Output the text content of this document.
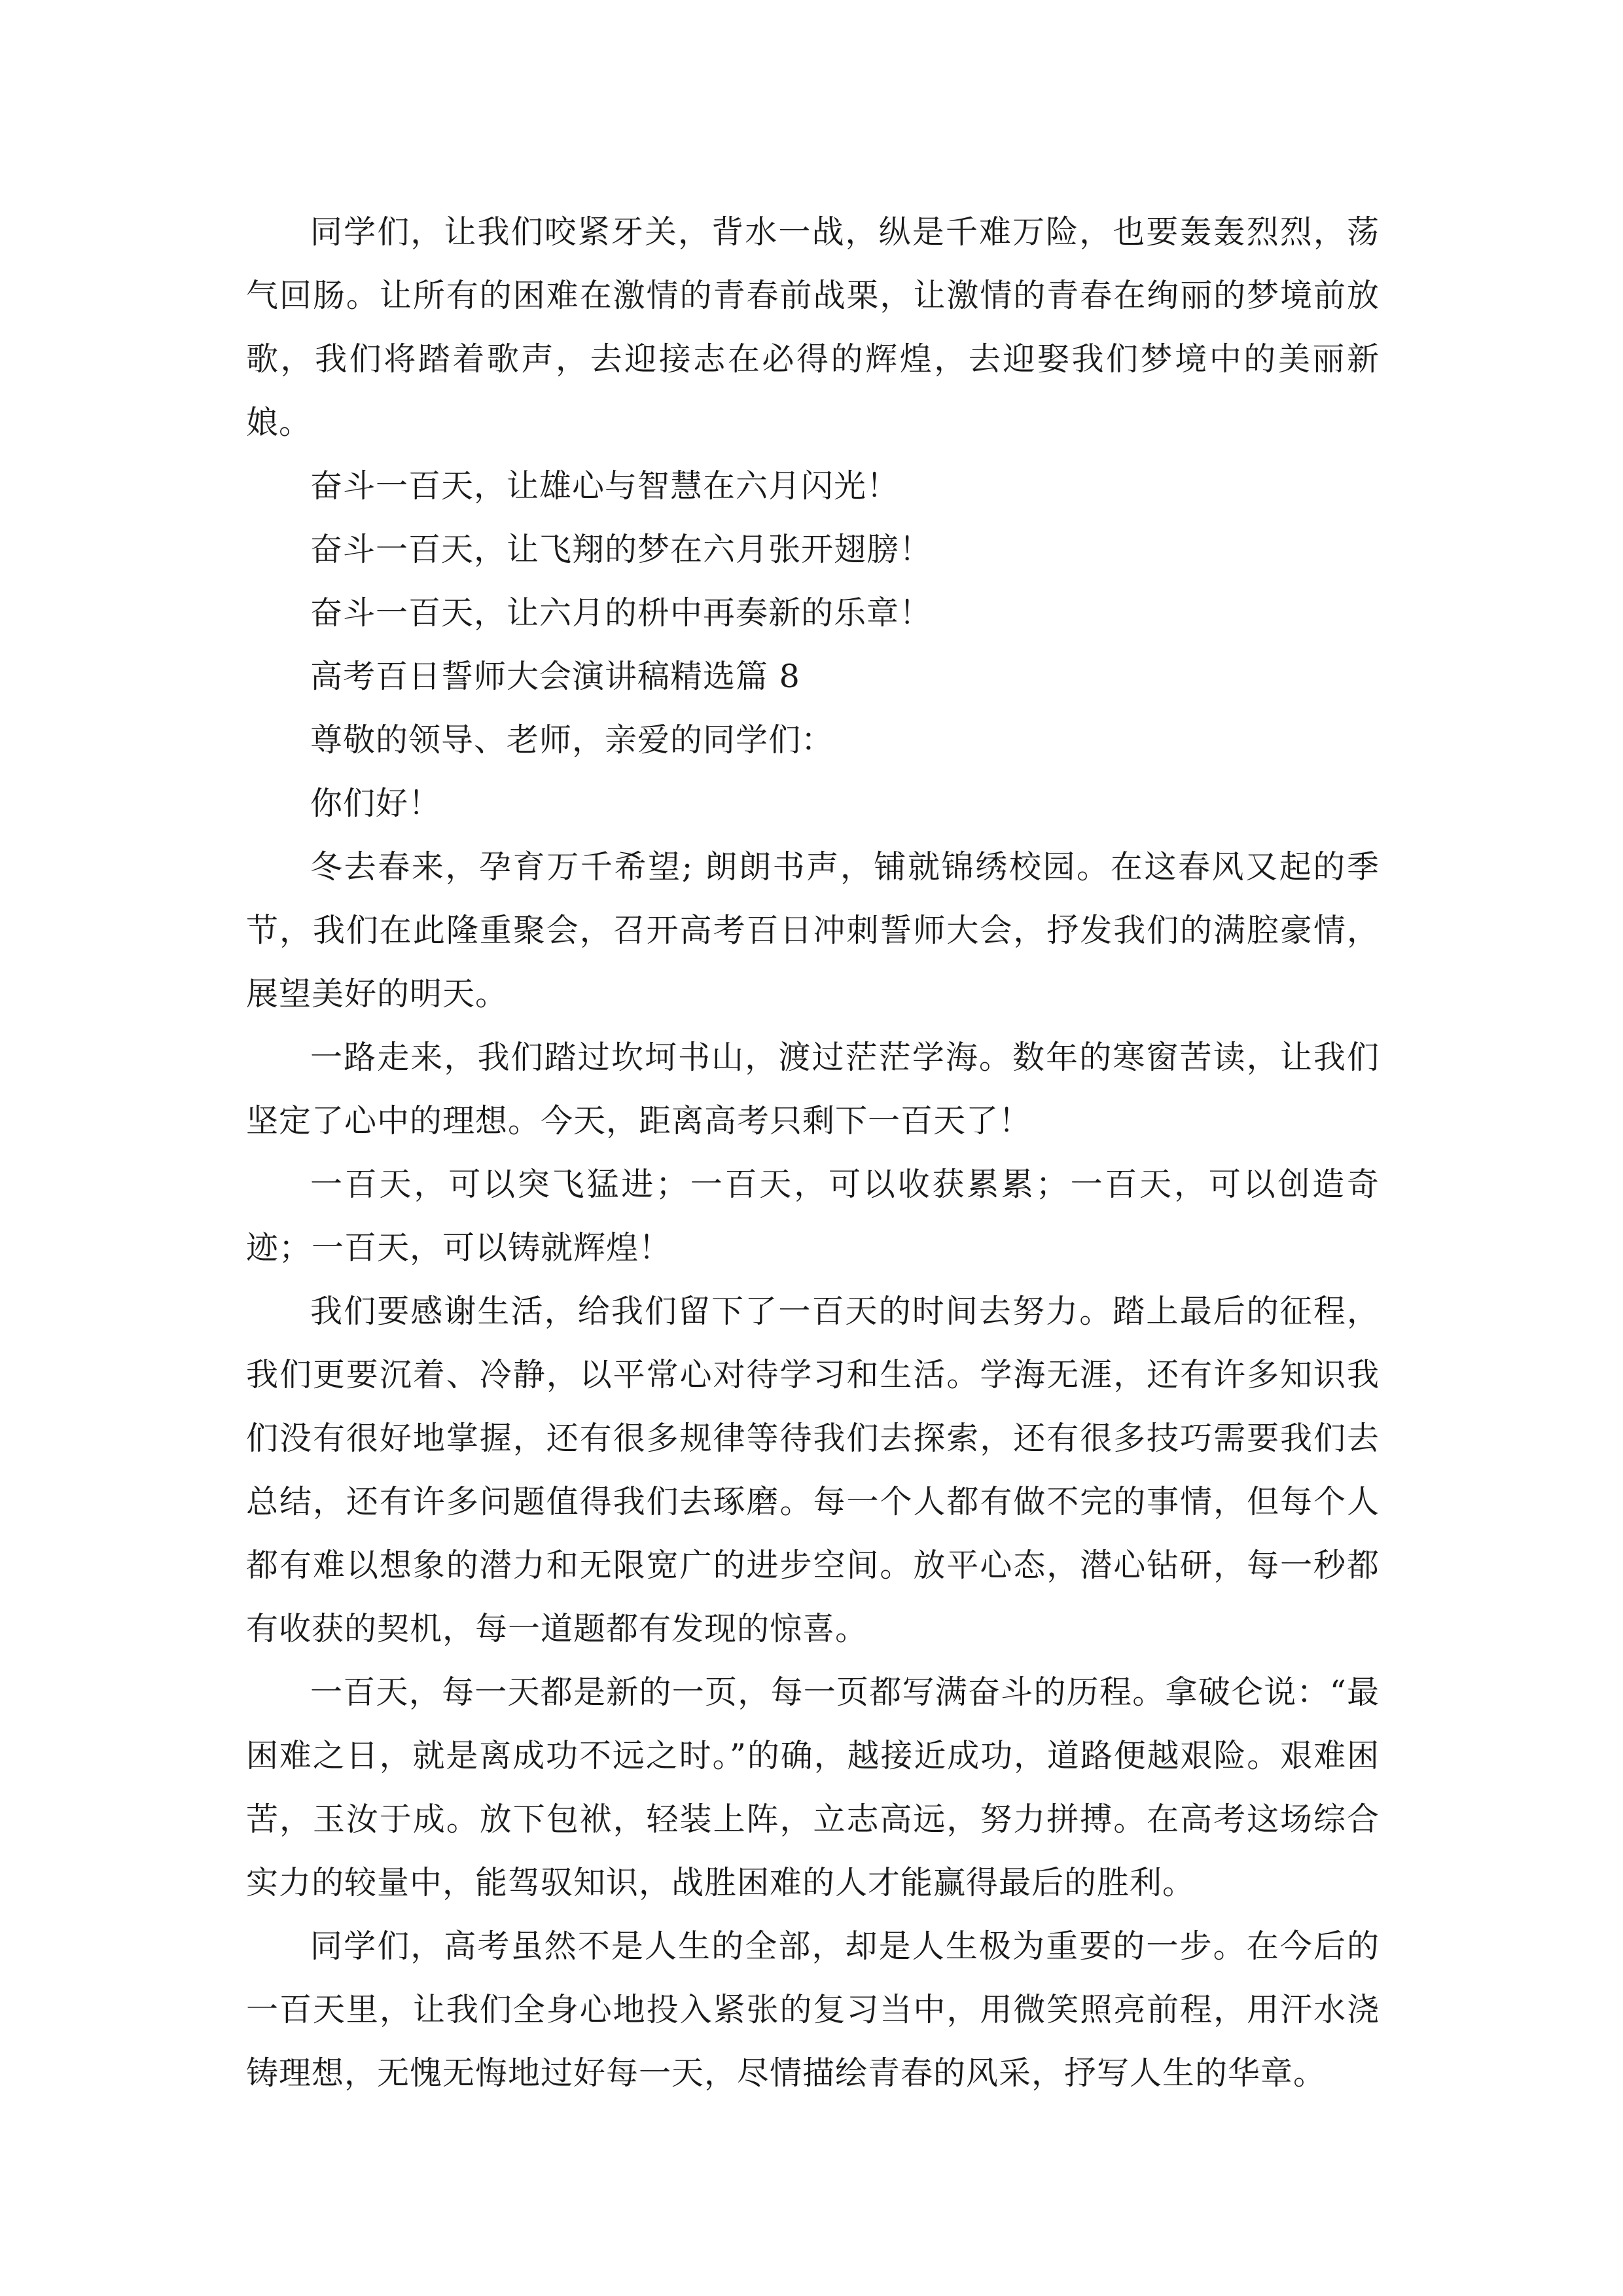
同学们，让我们咬紧牙关，背水一战，纵是千难万险，也要轰轰烈烈，荡气回肠。让所有的困难在激情的青春前战栗，让激情的青春在绚丽的梦境前放歌，我们将踏着歌声，去迎接志在必得的辉煌，去迎娶我们梦境中的美丽新娘。

奋斗一百天，让雄心与智慧在六月闪光！

奋斗一百天，让飞翔的梦在六月张开翅膀！

奋斗一百天，让六月的枡中再奏新的乐章！

高考百日誓师大会演讲稿精选篇 8

尊敬的领导、老师，亲爱的同学们：

你们好！

冬去春来，孕育万千希望; 朗朗书声，铺就锦绣校园。在这春风又起的季节，我们在此隆重聚会，召开高考百日冲刺誓师大会，抒发我们的满腔豪情，展望美好的明天。

一路走来，我们踏过坎坷书山，渡过茫茫学海。数年的寒窗苦读，让我们坚定了心中的理想。今天，距离高考只剩下一百天了！

一百天，可以突飞猛进；一百天，可以收获累累；一百天，可以创造奇迹；一百天，可以铸就辉煌！

我们要感谢生活，给我们留下了一百天的时间去努力。踏上最后的征程，我们更要沉着、冷静，以平常心对待学习和生活。学海无涯，还有许多知识我们没有很好地掌握，还有很多规律等待我们去探索，还有很多技巧需要我们去总结，还有许多问题值得我们去琢磨。每一个人都有做不完的事情，但每个人都有难以想象的潜力和无限宽广的进步空间。放平心态，潜心钻研，每一秒都有收获的契机，每一道题都有发现的惊喜。

一百天，每一天都是新的一页，每一页都写满奋斗的历程。拿破仑说：“最困难之日，就是离成功不远之时。”的确，越接近成功，道路便越艰险。艰难困苦，玉汝于成。放下包袱，轻装上阵，立志高远，努力拼搏。在高考这场综合实力的较量中，能驾驭知识，战胜困难的人才能赢得最后的胜利。

同学们，高考虽然不是人生的全部，却是人生极为重要的一步。在今后的一百天里，让我们全身心地投入紧张的复习当中，用微笑照亮前程，用汗水浇铸理想，无愧无悔地过好每一天，尽情描绘青春的风采，抒写人生的华章。
